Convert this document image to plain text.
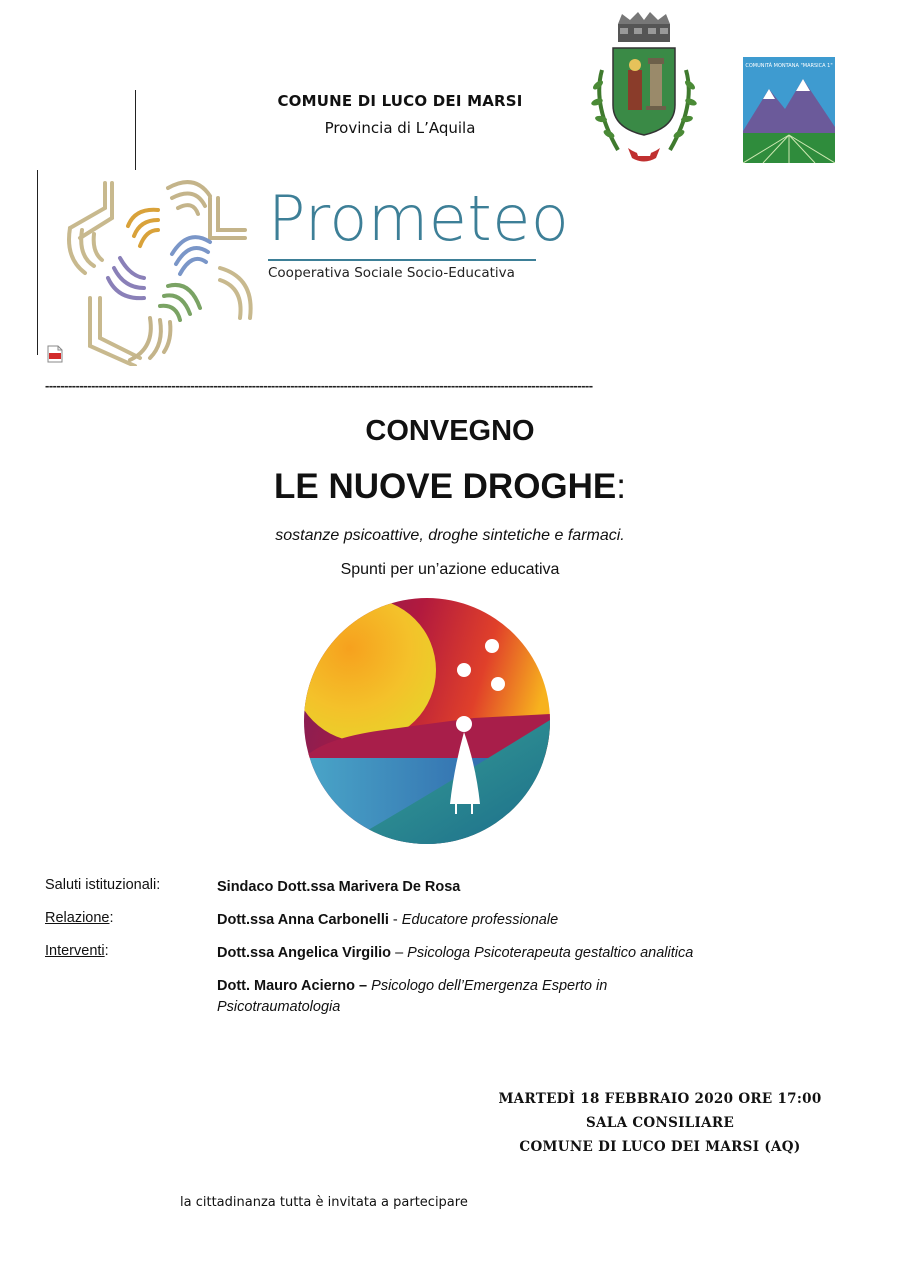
COMUNE DI LUCO DEI MARSI
Provincia di L’Aquila
COMUNITÀ MONTANA "MARSICA 1"
Prometeo
Cooperativa Sociale Socio-Educativa
-----------------------------------------------------------------------------------------------------------------------------------------------
CONVEGNO
LE NUOVE DROGHE:
sostanze psicoattive, droghe sintetiche e farmaci.
Spunti per un’azione educativa
Saluti istituzionali:	Sindaco Dott.ssa Marivera De Rosa
Relazione:	Dott.ssa Anna Carbonelli - Educatore professionale
Interventi:	Dott.ssa Angelica Virgilio – Psicologa Psicoterapeuta gestaltico analitica
Dott. Mauro Acierno – Psicologo dell’Emergenza Esperto in Psicotraumatologia
MARTEDÌ 18 FEBBRAIO 2020 ORE 17:00
SALA CONSILIARE
COMUNE DI LUCO DEI MARSI (AQ)
la cittadinanza tutta è invitata a partecipare
